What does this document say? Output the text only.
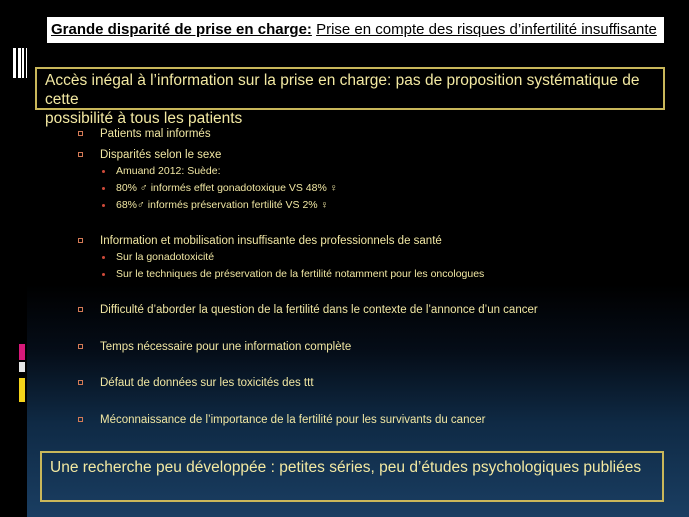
Grande disparité de prise en charge: Prise en compte des risques d’infertilité insuffisante
Accès inégal à l’information sur la prise en charge: pas de proposition systématique de cette
possibilité à tous les patients
Patients mal informés
Disparités selon le sexe
Amuand 2012: Suède:
80% ♂ informés effet gonadotoxique VS 48% ♀
68%♂ informés préservation fertilité VS 2% ♀
Information et mobilisation insuffisante des professionnels de santé
Sur la gonadotoxicité
Sur le techniques de préservation de la fertilité notamment pour les oncologues
Difficulté d’aborder la question de la fertilité dans le contexte de l’annonce d’un cancer
Temps nécessaire pour une information complète
Défaut de données sur les toxicités des ttt
Méconnaissance de l’importance de la fertilité pour les survivants du cancer
Une recherche peu développée : petites séries, peu d’études psychologiques publiées
